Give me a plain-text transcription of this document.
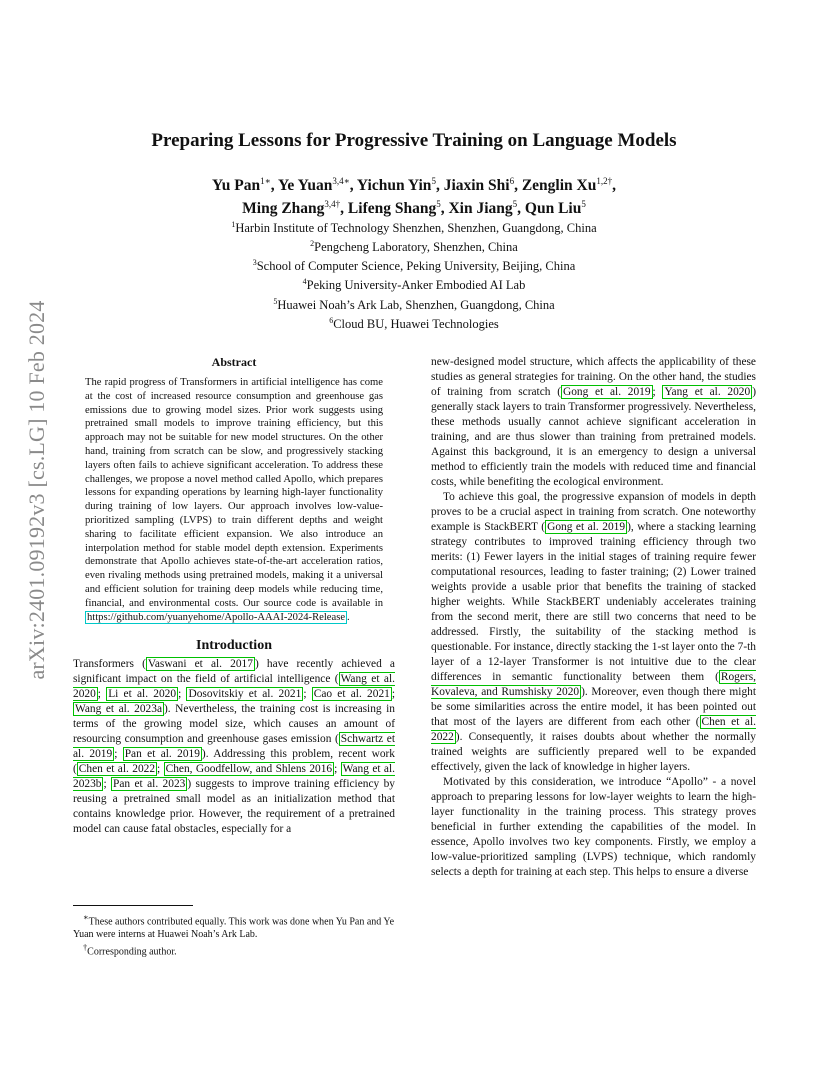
arXiv:2401.09192v3 [cs.LG] 10 Feb 2024
Preparing Lessons for Progressive Training on Language Models
Yu Pan$^{1∗}$, Ye Yuan$^{3,4∗}$, Yichun Yin$^5$, Jiaxin Shi$^6$, Zenglin $Xu^{1,2\dagger}$,
Ming Zhang$^{3,4\dagger}$, Lifeng Shang$^5$, Xin Jiang$^5$, Qun Liu$^5$
$^1$Harbin Institute of Technology Shenzhen, Shenzhen, Guangdong, China
$^2$Pengcheng Laboratory, Shenzhen, China
$^3$School of Computer Science, Peking University, Beijing, China
$^4$Peking University-Anker Embodied AI Lab
$^5$Huawei Noah’s Ark Lab, Shenzhen, Guangdong, China
$^6$Cloud BU, Huawei Technologies
Abstract
The rapid progress of Transformers in artificial intelligence has come at the cost of increased resource consumption and greenhouse gas emissions due to growing model sizes. Prior work suggests using pretrained small models to improve training efficiency, but this approach may not be suitable for new model structures. On the other hand, training from scratch can be slow, and progressively stacking layers often fails to achieve significant acceleration. To address these challenges, we propose a novel method called Apollo, which prepares lessons for expanding operations by learning high-layer functionality during training of low layers. Our approach involves low-value-prioritized sampling (LVPS) to train different depths and weight sharing to facilitate efficient expansion. We also introduce an interpolation method for stable model depth extension. Experiments demonstrate that Apollo achieves state-of-the-art acceleration ratios, even rivaling methods using pretrained models, making it a universal and efficient solution for training deep models while reducing time, financial, and environmental costs. Our source code is available in https://github.com/yuanyehome/Apollo-AAAI-2024-Release .
Introduction

Transformers ( Vaswani et al. 2017 ) have recently achieved a significant impact on the field of artificial intelligence ( Wang et al. 2020 ; Li et al. 2020 ; Dosovitskiy et al. 2021 ; Cao et al. 2021 ; Wang et al. 2023a ). Nevertheless, the training cost is increasing in terms of the growing model size, which causes an amount of resourcing consumption and greenhouse gases emission ( Schwartz et al. 2019 ; Pan et al. 2019 ). Addressing this problem, recent work ( Chen et al. 2022 ; Chen, Goodfellow, and Shlens 2016 ; Wang et al. 2023b ; Pan et al. 2023 ) suggests to improve training efficiency by reusing a pretrained small model as an initialization method that contains knowledge prior. However, the requirement of a pretrained model can cause fatal obstacles, especially for a

new-designed model structure, which affects the applicability of these studies as general strategies for training. On the other hand, the studies of training from scratch ( Gong et al. 2019 ; Yang et al. 2020 ) generally stack layers to train Transformer progressively. Nevertheless, these methods usually cannot achieve significant acceleration in training, and are thus slower than training from pretrained models. Against this background, it is an emergency to design a universal method to efficiently train the models with reduced time and financial costs, while benefiting the ecological environment.

To achieve this goal, the progressive expansion of models in depth proves to be a crucial aspect in training from scratch. One noteworthy example is StackBERT ( Gong et al. 2019 ), where a stacking learning strategy contributes to improved training efficiency through two merits: (1) Fewer layers in the initial stages of training require fewer computational resources, leading to faster training; (2) Lower trained weights provide a usable prior that benefits the training of stacked higher weights. While StackBERT undeniably accelerates training from the second merit, there are still two concerns that need to be addressed. Firstly, the suitability of the stacking method is questionable. For instance, directly stacking the 1-st layer onto the 7-th layer of a 12-layer Transformer is not intuitive due to the clear differences in semantic functionality between them ( Rogers, Kovaleva, and Rumshisky 2020 ). Moreover, even though there might be some similarities across the entire model, it has been pointed out that most of the layers are different from each other ( Chen et al. 2022 ). Consequently, it raises doubts about whether the normally trained weights are sufficiently prepared well to be expanded effectively, given the lack of knowledge in higher layers.

Motivated by this consideration, we introduce “Apollo” - a novel approach to preparing lessons for low-layer weights to learn the high-layer functionality in the training process. This strategy proves beneficial in further extending the capabilities of the model. In essence, Apollo involves two key components. Firstly, we employ a low-value-prioritized sampling (LVPS) technique, which randomly selects a depth for training at each step. This helps to ensure a diverse

∗These authors contributed equally. This work was done when Yu Pan and Ye Yuan were interns at Huawei Noah’s Ark Lab.

†Corresponding author.
